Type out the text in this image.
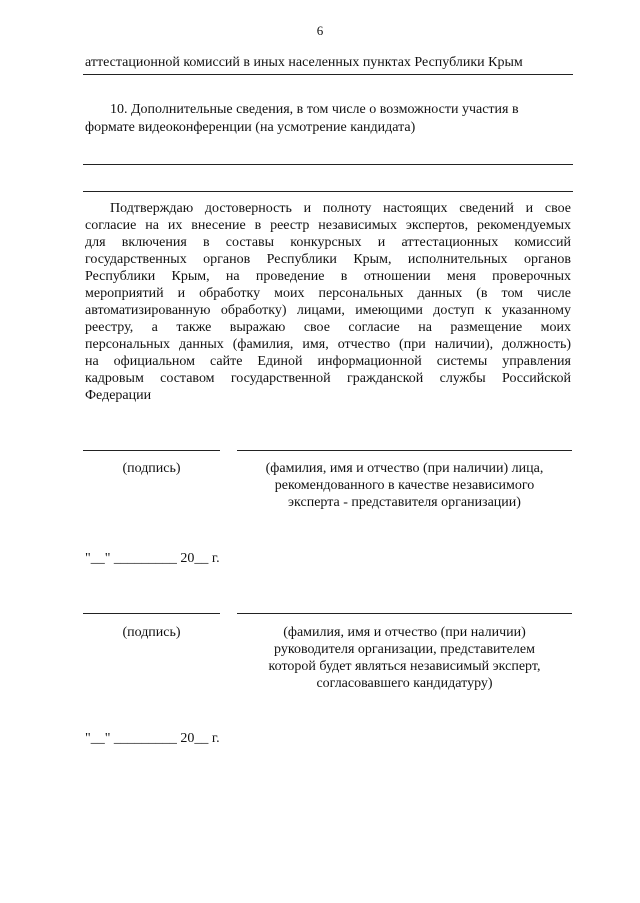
6
аттестационной комиссий в иных населенных пунктах Республики Крым
10. Дополнительные сведения, в том числе о возможности участия в
формате видеоконференции (на усмотрение кандидата)
Подтверждаю достоверность и полноту настоящих сведений и свое
согласие на их внесение в реестр независимых экспертов, рекомендуемых
для включения в составы конкурсных и аттестационных комиссий
государственных органов Республики Крым, исполнительных органов
Республики Крым, на проведение в отношении меня проверочных
мероприятий и обработку моих персональных данных (в том числе
автоматизированную обработку) лицами, имеющими доступ к указанному
реестру, а также выражаю свое согласие на размещение моих
персональных данных (фамилия, имя, отчество (при наличии), должность)
на официальном сайте Единой информационной системы управления
кадровым составом государственной гражданской службы Российской
Федерации
(подпись)	(фамилия, имя и отчество (при наличии) лица,
рекомендованного в качестве независимого
эксперта - представителя организации)
"__" _________ 20__ г.
(подпись)	(фамилия, имя и отчество (при наличии)
руководителя организации, представителем
которой будет являться независимый эксперт,
согласовавшего кандидатуру)
"__" _________ 20__ г.
